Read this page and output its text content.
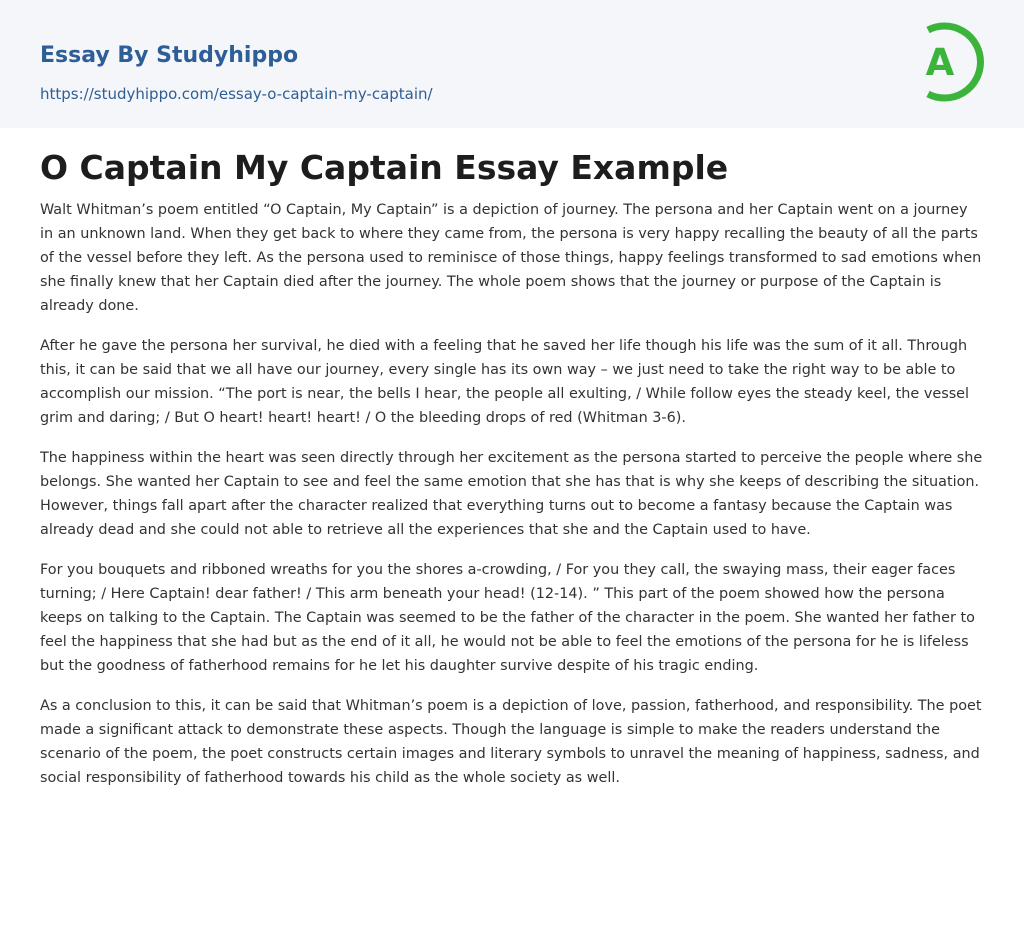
Essay By Studyhippo
https://studyhippo.com/essay-o-captain-my-captain/
A
O Captain My Captain Essay Example

Walt Whitman’s poem entitled “O Captain, My Captain” is a depiction of journey. The persona and her Captain went on a journey in an unknown land. When they get back to where they came from, the persona is very happy recalling the beauty of all the parts of the vessel before they left. As the persona used to reminisce of those things, happy feelings transformed to sad emotions when she finally knew that her Captain died after the journey. The whole poem shows that the journey or purpose of the Captain is already done.

After he gave the persona her survival, he died with a feeling that he saved her life though his life was the sum of it all. Through this, it can be said that we all have our journey, every single has its own way – we just need to take the right way to be able to accomplish our mission. “The port is near, the bells I hear, the people all exulting, / While follow eyes the steady keel, the vessel grim and daring; / But O heart! heart! heart! / O the bleeding drops of red (Whitman 3-6).

The happiness within the heart was seen directly through her excitement as the persona started to perceive the people where she belongs. She wanted her Captain to see and feel the same emotion that she has that is why she keeps of describing the situation. However, things fall apart after the character realized that everything turns out to become a fantasy because the Captain was already dead and she could not able to retrieve all the experiences that she and the Captain used to have.

For you bouquets and ribboned wreaths for you the shores a-crowding, / For you they call, the swaying mass, their eager faces turning; / Here Captain! dear father! / This arm beneath your head! (12-14). ” This part of the poem showed how the persona keeps on talking to the Captain. The Captain was seemed to be the father of the character in the poem. She wanted her father to feel the happiness that she had but as the end of it all, he would not be able to feel the emotions of the persona for he is lifeless but the goodness of fatherhood remains for he let his daughter survive despite of his tragic ending.

As a conclusion to this, it can be said that Whitman’s poem is a depiction of love, passion, fatherhood, and responsibility. The poet made a significant attack to demonstrate these aspects. Though the language is simple to make the readers understand the scenario of the poem, the poet constructs certain images and literary symbols to unravel the meaning of happiness, sadness, and social responsibility of fatherhood towards his child as the whole society as well.
